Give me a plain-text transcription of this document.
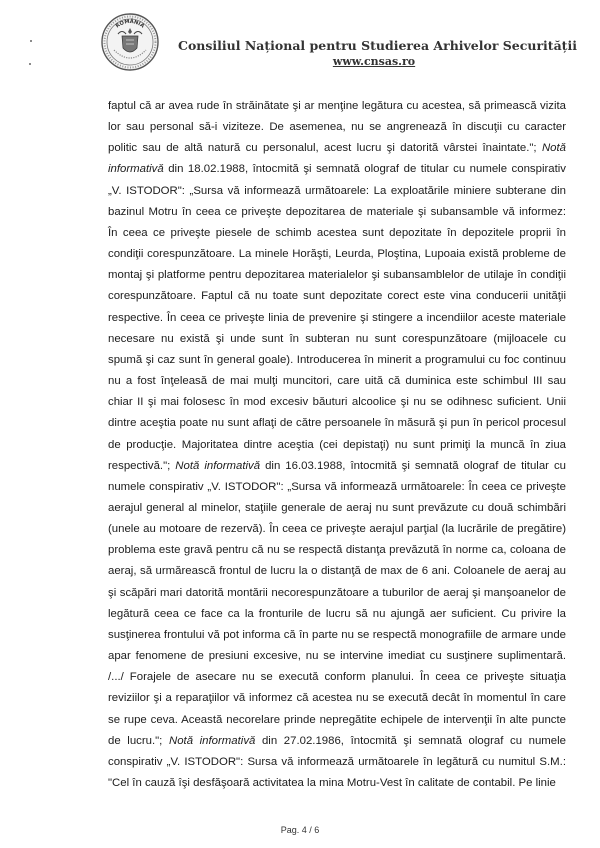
ROMÂNIA
Consiliul Național pentru Studierea Arhivelor Securității
www.cnsas.ro
faptul că ar avea rude în străinătate şi ar menţine legătura cu acestea, să primească vizita
lor sau personal să-i viziteze. De asemenea, nu se angrenează în discuţii cu caracter
politic sau de altă natură cu personalul, acest lucru şi datorită vârstei înaintate."; Notă
informativă din 18.02.1988, întocmită şi semnată olograf de titular cu numele conspirativ
„V. ISTODOR": „Sursa vă informează următoarele: La exploatările miniere subterane din
bazinul Motru în ceea ce priveşte depozitarea de materiale şi subansamble vă informez:
În ceea ce priveşte piesele de schimb acestea sunt depozitate în depozitele proprii în
condiţii corespunzătoare. La minele Horăşti, Leurda, Ploştina, Lupoaia există probleme de
montaj şi platforme pentru depozitarea materialelor şi subansamblelor de utilaje în condiţii
corespunzătoare. Faptul că nu toate sunt depozitate corect este vina conducerii unităţii
respective. În ceea ce priveşte linia de prevenire şi stingere a incendiilor aceste materiale
necesare nu există şi unde sunt în subteran nu sunt corespunzătoare (mijloacele cu
spumă şi caz sunt în general goale). Introducerea în minerit a programului cu foc continuu
nu a fost înţeleasă de mai mulţi muncitori, care uită că duminica este schimbul III sau
chiar II şi mai folosesc în mod excesiv băuturi alcoolice şi nu se odihnesc suficient. Unii
dintre aceştia poate nu sunt aflaţi de către persoanele în măsură şi pun în pericol procesul
de producţie. Majoritatea dintre aceştia (cei depistaţi) nu sunt primiţi la muncă în ziua
respectivă."; Notă informativă din 16.03.1988, întocmită şi semnată olograf de titular cu
numele conspirativ „V. ISTODOR": „Sursa vă informează următoarele: În ceea ce priveşte
aerajul general al minelor, staţiile generale de aeraj nu sunt prevăzute cu două schimbări
(unele au motoare de rezervă). În ceea ce priveşte aerajul parţial (la lucrările de pregătire)
problema este gravă pentru că nu se respectă distanţa prevăzută în norme ca, coloana de
aeraj, să urmărească frontul de lucru la o distanţă de max de 6 ani. Coloanele de aeraj au
şi scăpări mari datorită montării necorespunzătoare a tuburilor de aeraj şi manşoanelor de
legătură ceea ce face ca la fronturile de lucru să nu ajungă aer suficient. Cu privire la
susţinerea frontului vă pot informa că în parte nu se respectă monografiile de armare unde
apar fenomene de presiuni excesive, nu se intervine imediat cu susţinere suplimentară.
/.../ Forajele de asecare nu se execută conform planului. În ceea ce priveşte situaţia
reviziilor şi a reparaţiilor vă informez că acestea nu se execută decât în momentul în care
se rupe ceva. Această necorelare prinde nepregătite echipele de intervenţii în alte puncte
de lucru."; Notă informativă din 27.02.1986, întocmită şi semnată olograf cu numele
conspirativ „V. ISTODOR": Sursa vă informează următoarele în legătură cu numitul S.M.:
"Cel în cauză îşi desfăşoară activitatea la mina Motru-Vest în calitate de contabil. Pe linie
Pag. 4 / 6
